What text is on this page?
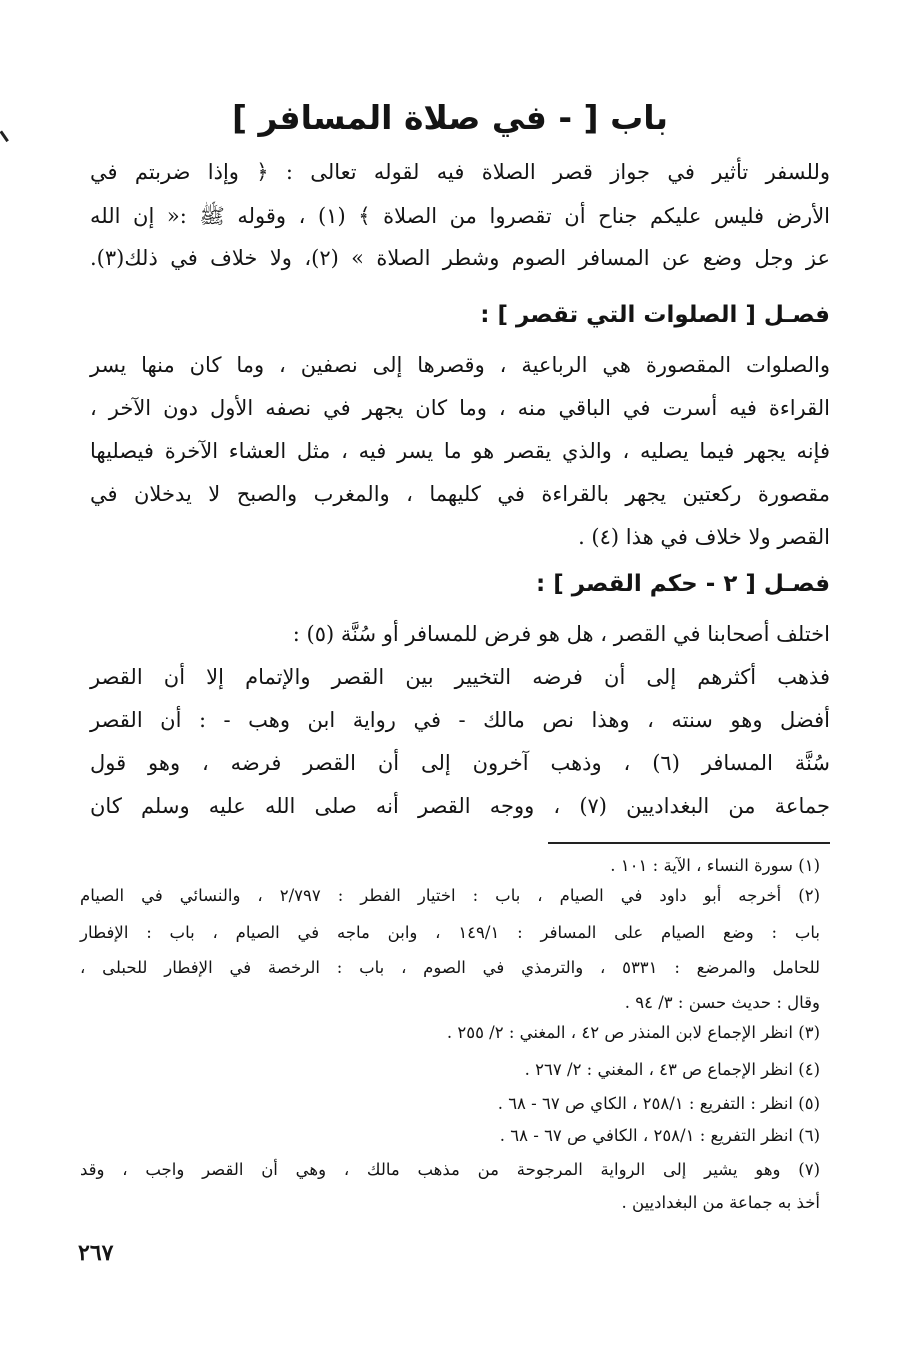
باب [ - في صلاة المسافر ]
وللسفر تأثير في جواز قصر الصلاة فيه لقوله تعالى : ﴿ وإذا ضربتم في
الأرض فليس عليكم جناح أن تقصروا من الصلاة ﴾ (١) ، وقوله ﷺ :« إن الله
عز وجل وضع عن المسافر الصوم وشطر الصلاة » (٢)، ولا خلاف في ذلك(٣).
فصـل [ الصلوات التي تقصر ] :
والصلوات المقصورة هي الرباعية ، وقصرها إلى نصفين ، وما كان منها يسر
القراءة فيه أسرت في الباقي منه ، وما كان يجهر في نصفه الأول دون الآخر ،
فإنه يجهر فيما يصليه ، والذي يقصر هو ما يسر فيه ، مثل العشاء الآخرة فيصليها
مقصورة ركعتين يجهر بالقراءة في كليهما ، والمغرب والصبح لا يدخلان في
القصر ولا خلاف في هذا (٤) .
فصـل [ ٢ - حكم القصر ] :
اختلف أصحابنا في القصر ، هل هو فرض للمسافر أو سُنَّة (٥) :
فذهب أكثرهم إلى أن فرضه التخيير بين القصر والإتمام إلا أن القصر
أفضل وهو سنته ، وهذا نص مالك - في رواية ابن وهب - : أن القصر
سُنَّة المسافر (٦) ، وذهب آخرون إلى أن القصر فرضه ، وهو قول
جماعة من البغداديين (٧) ، ووجه القصر أنه صلى الله عليه وسلم كان
(١) سورة النساء ، الآية : ١٠١ .
(٢) أخرجه أبو داود في الصيام ، باب : اختيار الفطر : ٢/٧٩٧ ، والنسائي في الصيام
باب : وضع الصيام على المسافر : ١٤٩/١ ، وابن ماجه في الصيام ، باب : الإفطار
للحامل والمرضع : ٥٣٣١ ، والترمذي في الصوم ، باب : الرخصة في الإفطار للحبلى ،
وقال : حديث حسن : ٣/ ٩٤ .
(٣) انظر الإجماع لابن المنذر ص ٤٢ ، المغني : ٢/ ٢٥٥ .
(٤) انظر الإجماع ص ٤٣ ، المغني : ٢/ ٢٦٧ .
(٥) انظر : التفريع : ٢٥٨/١ ، الكاي ص ٦٧ - ٦٨ .
(٦) انظر التفريع : ٢٥٨/١ ، الكافي ص ٦٧ - ٦٨ .
(٧) وهو يشير إلى الرواية المرجوحة من مذهب مالك ، وهي أن القصر واجب ، وقد
أخذ به جماعة من البغداديين .
٢٦٧
